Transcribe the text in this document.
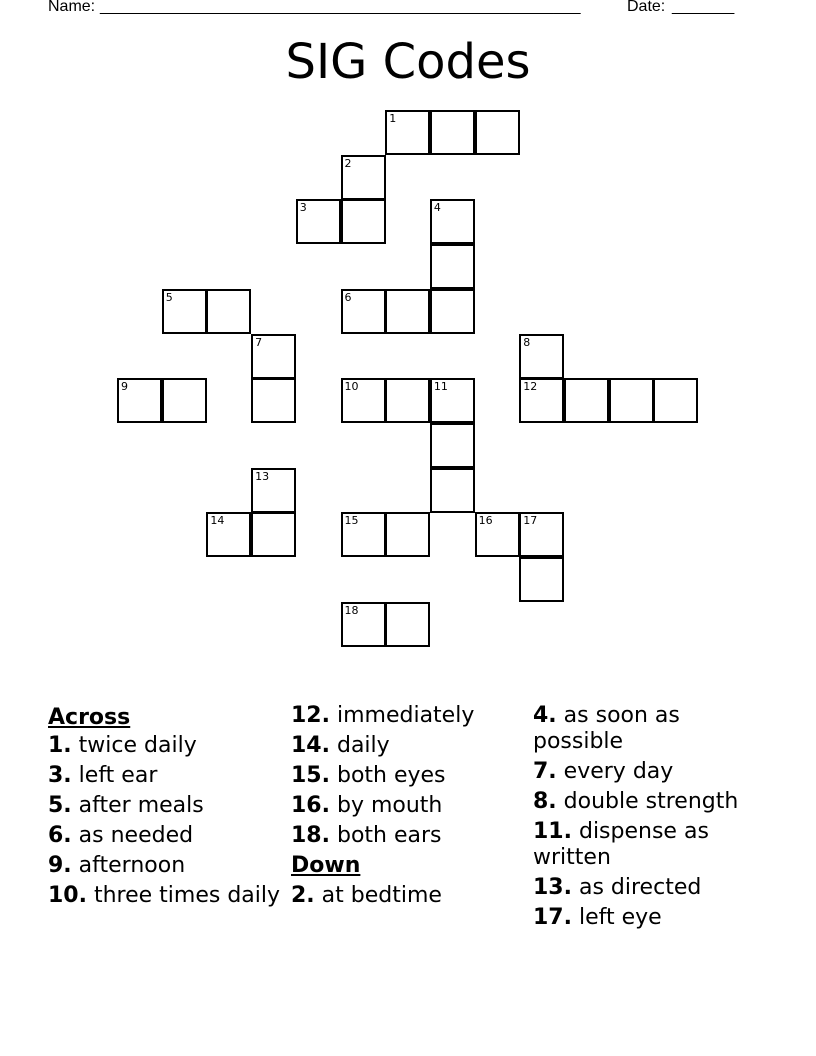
Name: ______________________________________________________	Date: _______
SIG Codes
1
2
3	4
5	6
7	8
9	10	11	12
13
14	15	16	17
18
Across
1. twice daily
3. left ear
5. after meals
6. as needed
9. afternoon
10. three times daily
12. immediately
14. daily
15. both eyes
16. by mouth
18. both ears
Down
2. at bedtime
4. as soon as possible
7. every day
8. double strength
11. dispense as written
13. as directed
17. left eye
